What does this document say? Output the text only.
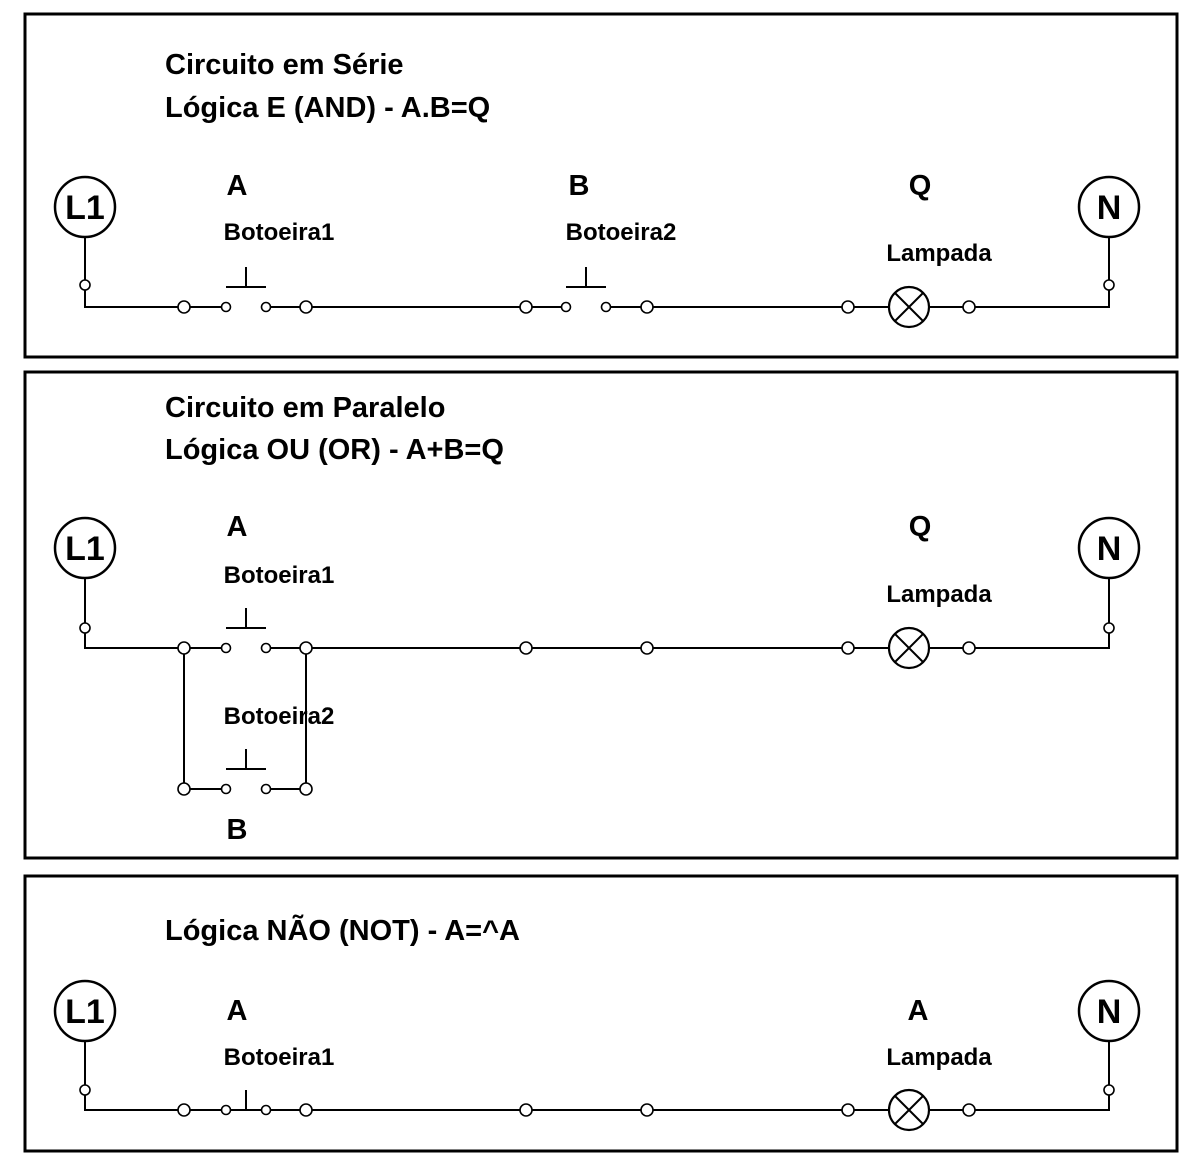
Circuito em Série
Lógica E (AND) - A.B=Q
L1	N
A
Botoeira1
B
Botoeira2
Q
Lampada
Circuito em Paralelo
Lógica OU (OR) - A+B=Q
L1	N
A
Botoeira1
Botoeira2
B
Q
Lampada
Lógica NÃO (NOT) - A=^A
L1	N
A
Botoeira1
A
Lampada
